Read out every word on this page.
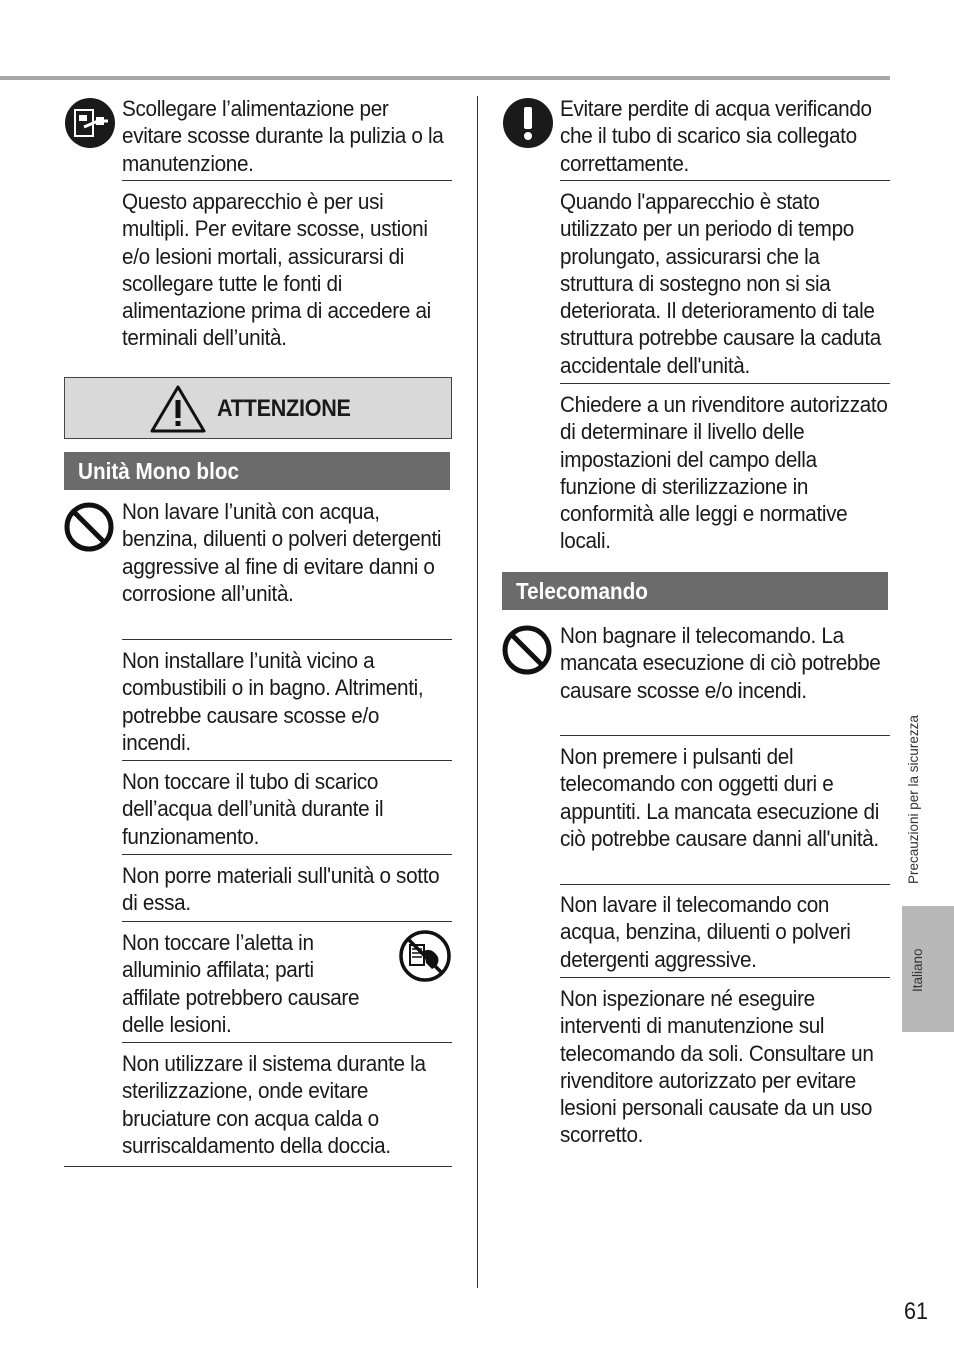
Scollegare l’alimentazione per evitare scosse durante la pulizia o la manutenzione.
Questo apparecchio è per usi multipli. Per evitare scosse, ustioni e/o lesioni mortali, assicurarsi di scollegare tutte le fonti di alimentazione prima di accedere ai terminali dell’unità.
ATTENZIONE
Unità Mono bloc
Non lavare l’unità con acqua, benzina, diluenti o polveri detergenti aggressive al fine di evitare danni o corrosione all’unità.
Non installare l’unità vicino a combustibili o in bagno. Altrimenti, potrebbe causare scosse e/o incendi.
Non toccare il tubo di scarico dell’acqua dell’unità durante il funzionamento.
Non porre materiali sull'unità o sotto di essa.
Non toccare l’aletta in alluminio affilata; parti affilate potrebbero causare delle lesioni.
Non utilizzare il sistema durante la sterilizzazione, onde evitare bruciature con acqua calda o surriscaldamento della doccia.
Evitare perdite di acqua verificando che il tubo di scarico sia collegato correttamente.
Quando l'apparecchio è stato utilizzato per un periodo di tempo prolungato, assicurarsi che la struttura di sostegno non si sia deteriorata. Il deterioramento di tale struttura potrebbe causare la caduta accidentale dell'unità.
Chiedere a un rivenditore autorizzato di determinare il livello delle impostazioni del campo della funzione di sterilizzazione in conformità alle leggi e normative locali.
Telecomando
Non bagnare il telecomando. La mancata esecuzione di ciò potrebbe causare scosse e/o incendi.
Non premere i pulsanti del telecomando con oggetti duri e appuntiti. La mancata esecuzione di ciò potrebbe causare danni all'unità.
Non lavare il telecomando con acqua, benzina, diluenti o polveri detergenti aggressive.
Non ispezionare né eseguire interventi di manutenzione sul telecomando da soli. Consultare un rivenditore autorizzato per evitare lesioni personali causate da un uso scorretto.
Precauzioni per la sicurezza
Italiano
61
